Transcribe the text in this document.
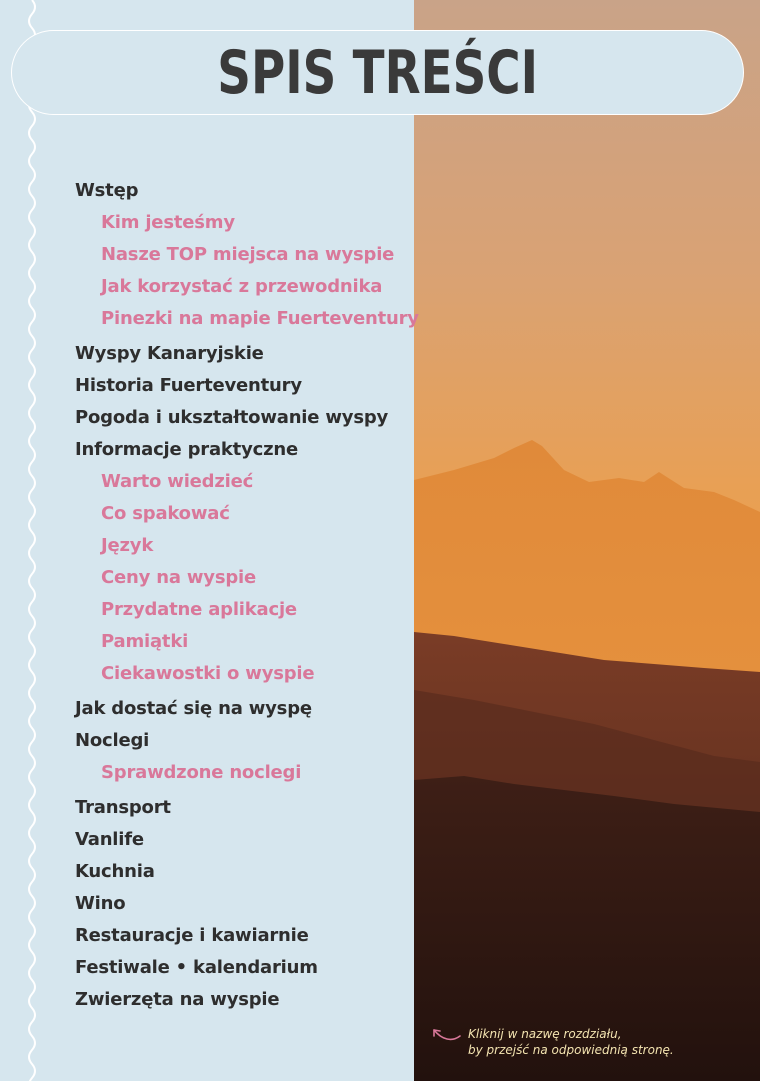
SPIS TREŚCI
Wstęp
Kim jesteśmy
Nasze TOP miejsca na wyspie
Jak korzystać z przewodnika
Pinezki na mapie Fuerteventury
Wyspy Kanaryjskie
Historia Fuerteventury
Pogoda i ukształtowanie wyspy
Informacje praktyczne
Warto wiedzieć
Co spakować
Język
Ceny na wyspie
Przydatne aplikacje
Pamiątki
Ciekawostki o wyspie
Jak dostać się na wyspę
Noclegi
Sprawdzone noclegi
Transport
Vanlife
Kuchnia
Wino
Restauracje i kawiarnie
Festiwale • kalendarium
Zwierzęta na wyspie
Kliknij w nazwę rozdziału,
by przejść na odpowiednią stronę.
